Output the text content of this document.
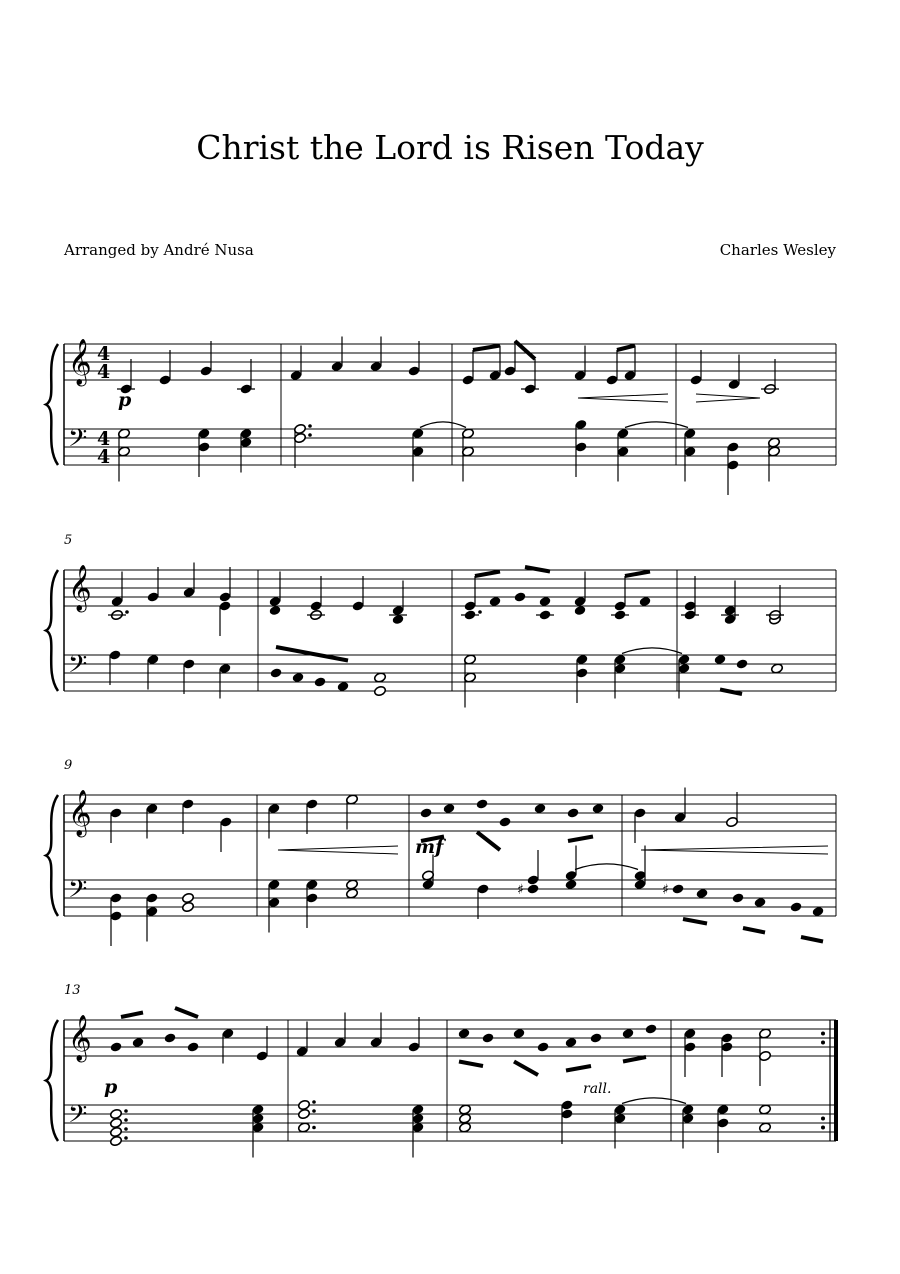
Christ the Lord is Risen Today
Arranged by André Nusa	Charles Wesley
𝄞
𝄢
4
4
4
4
𝄞
𝄢
5
𝄞
𝄢
9
𝄞
𝄢
13
♯	♯
p
mf
p	rall.
